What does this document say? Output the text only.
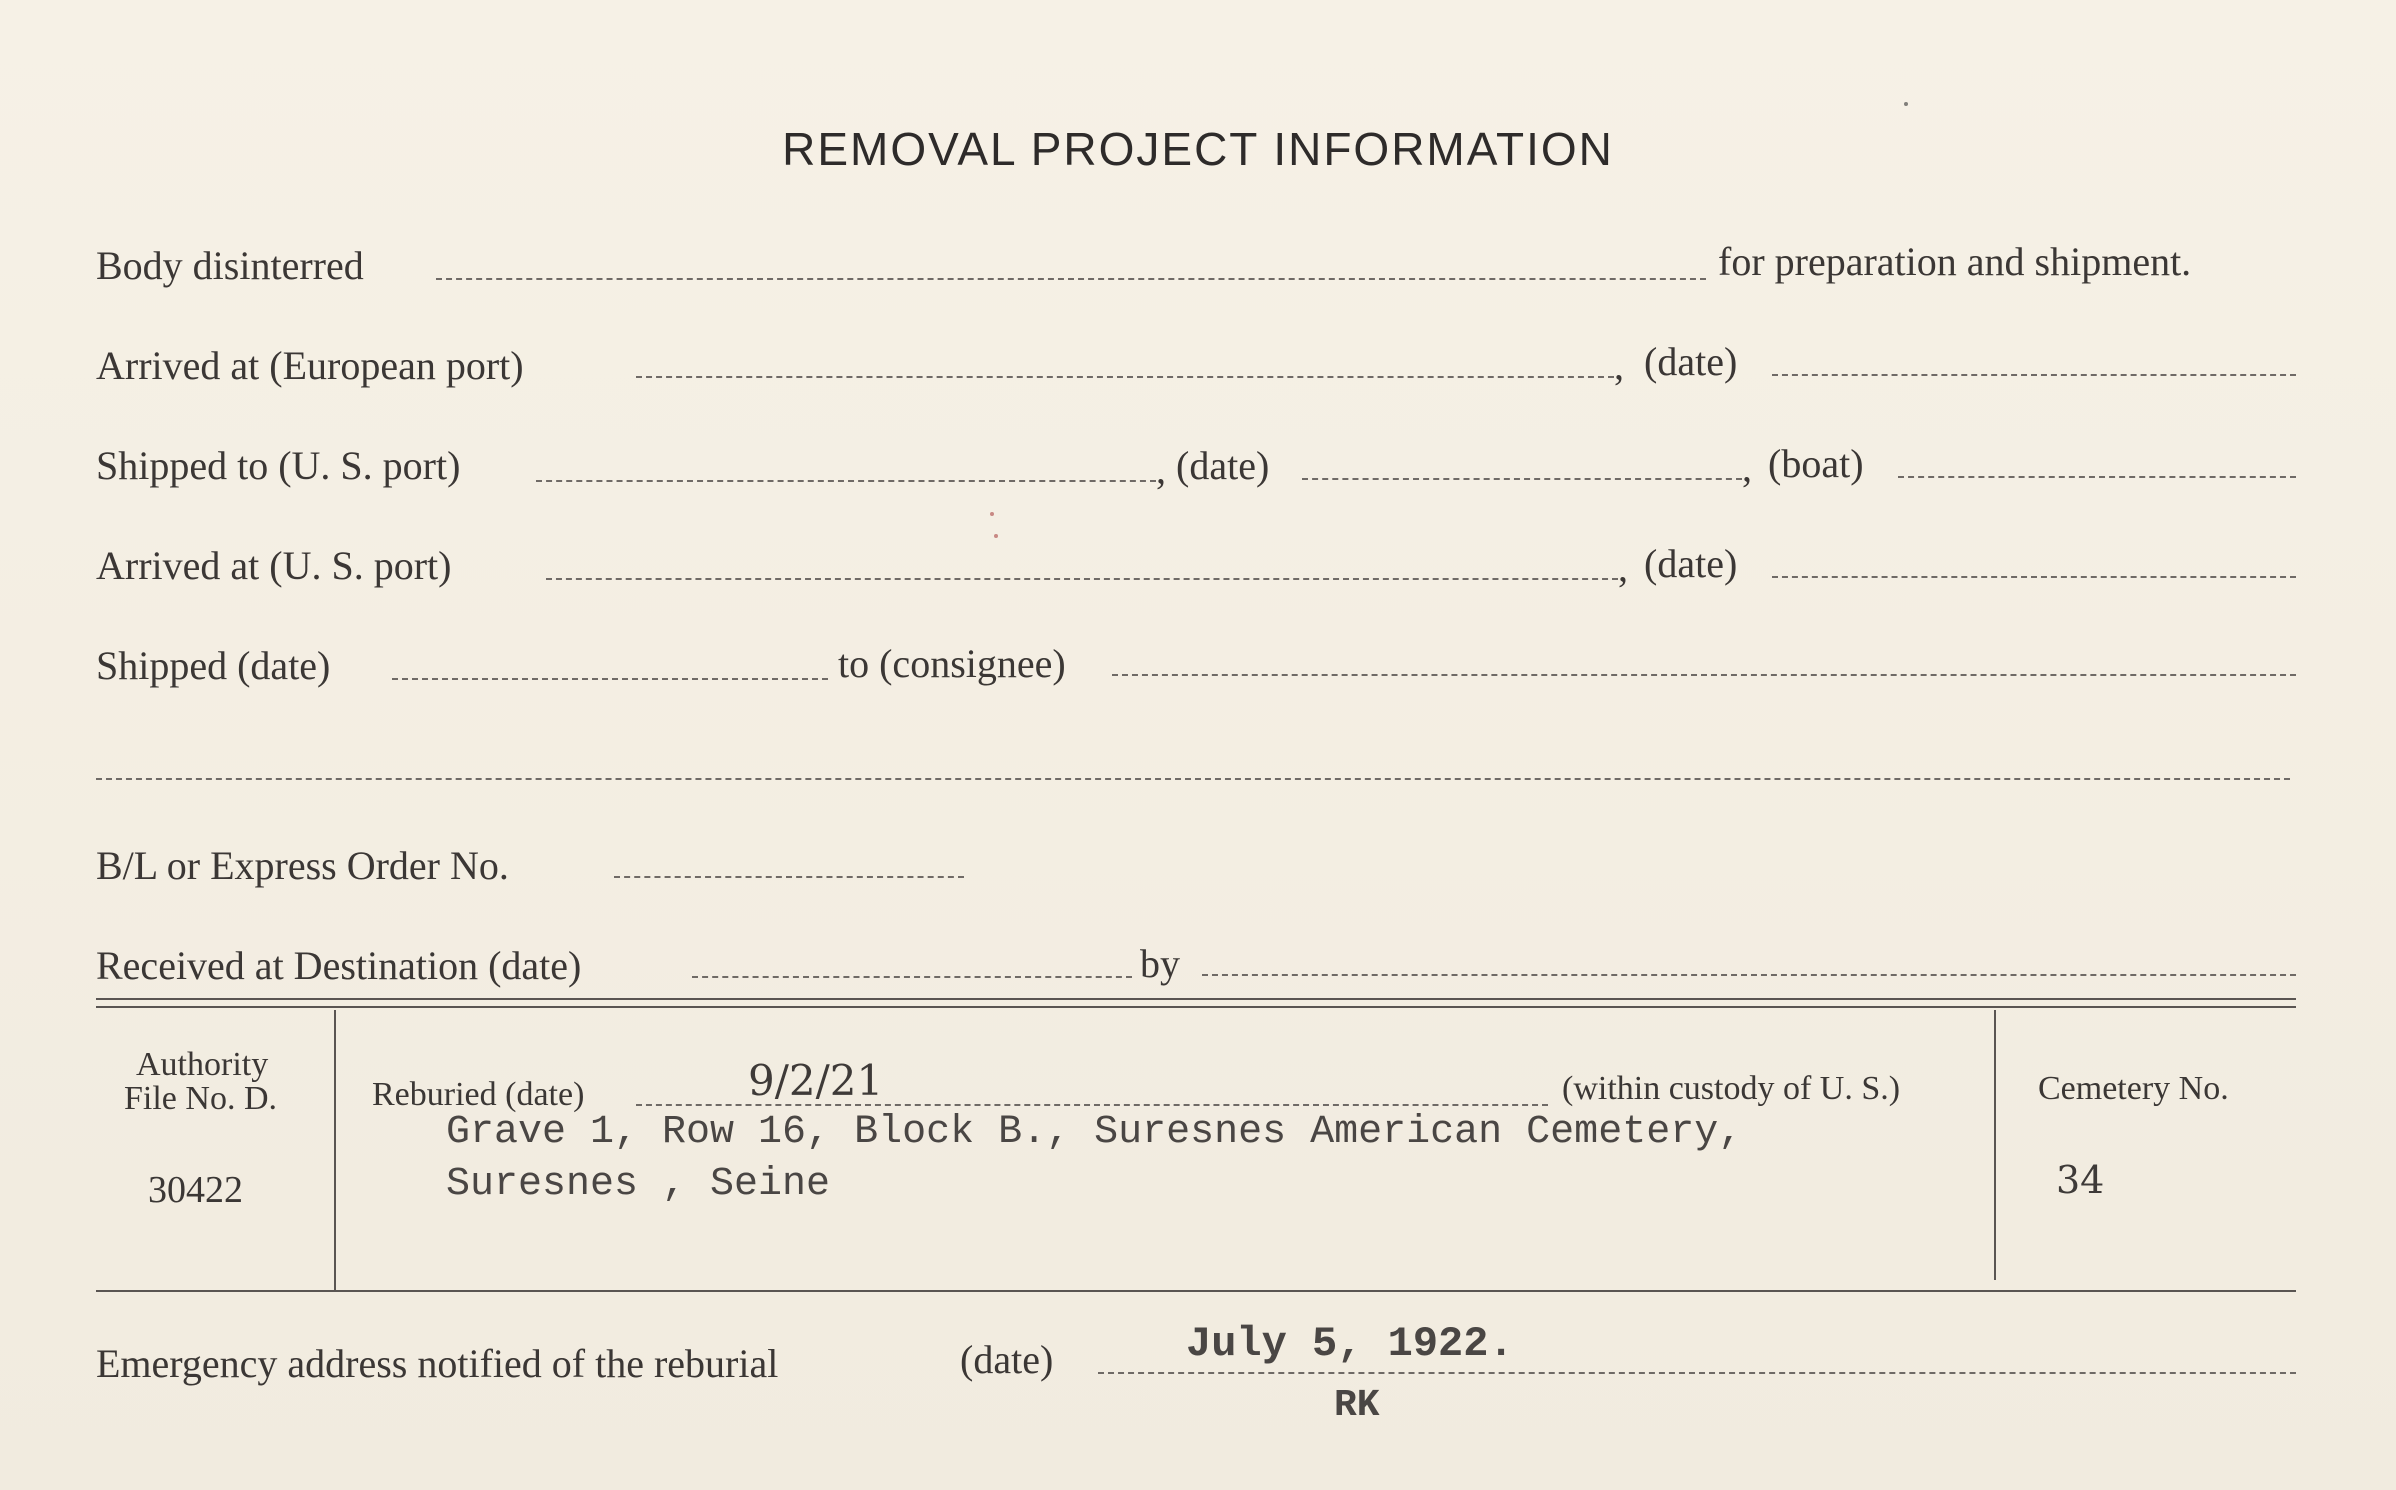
REMOVAL PROJECT INFORMATION
Body disinterred	for preparation and shipment.
Arrived at (European port)	, (date)
Shipped to (U. S. port)	, (date)	, (boat)
Arrived at (U. S. port)	, (date)
Shipped (date)	to (consignee)
B/L or Express Order No.
Received at Destination (date)	by
Authority
File No. D.
30422
Reburied (date)	9/2/21	(within custody of U. S.)
Grave 1, Row 16, Block B., Suresnes American Cemetery,
Suresnes , Seine
Cemetery No.
34
Emergency address notified of the reburial	(date)	July 5, 1922.
RK
